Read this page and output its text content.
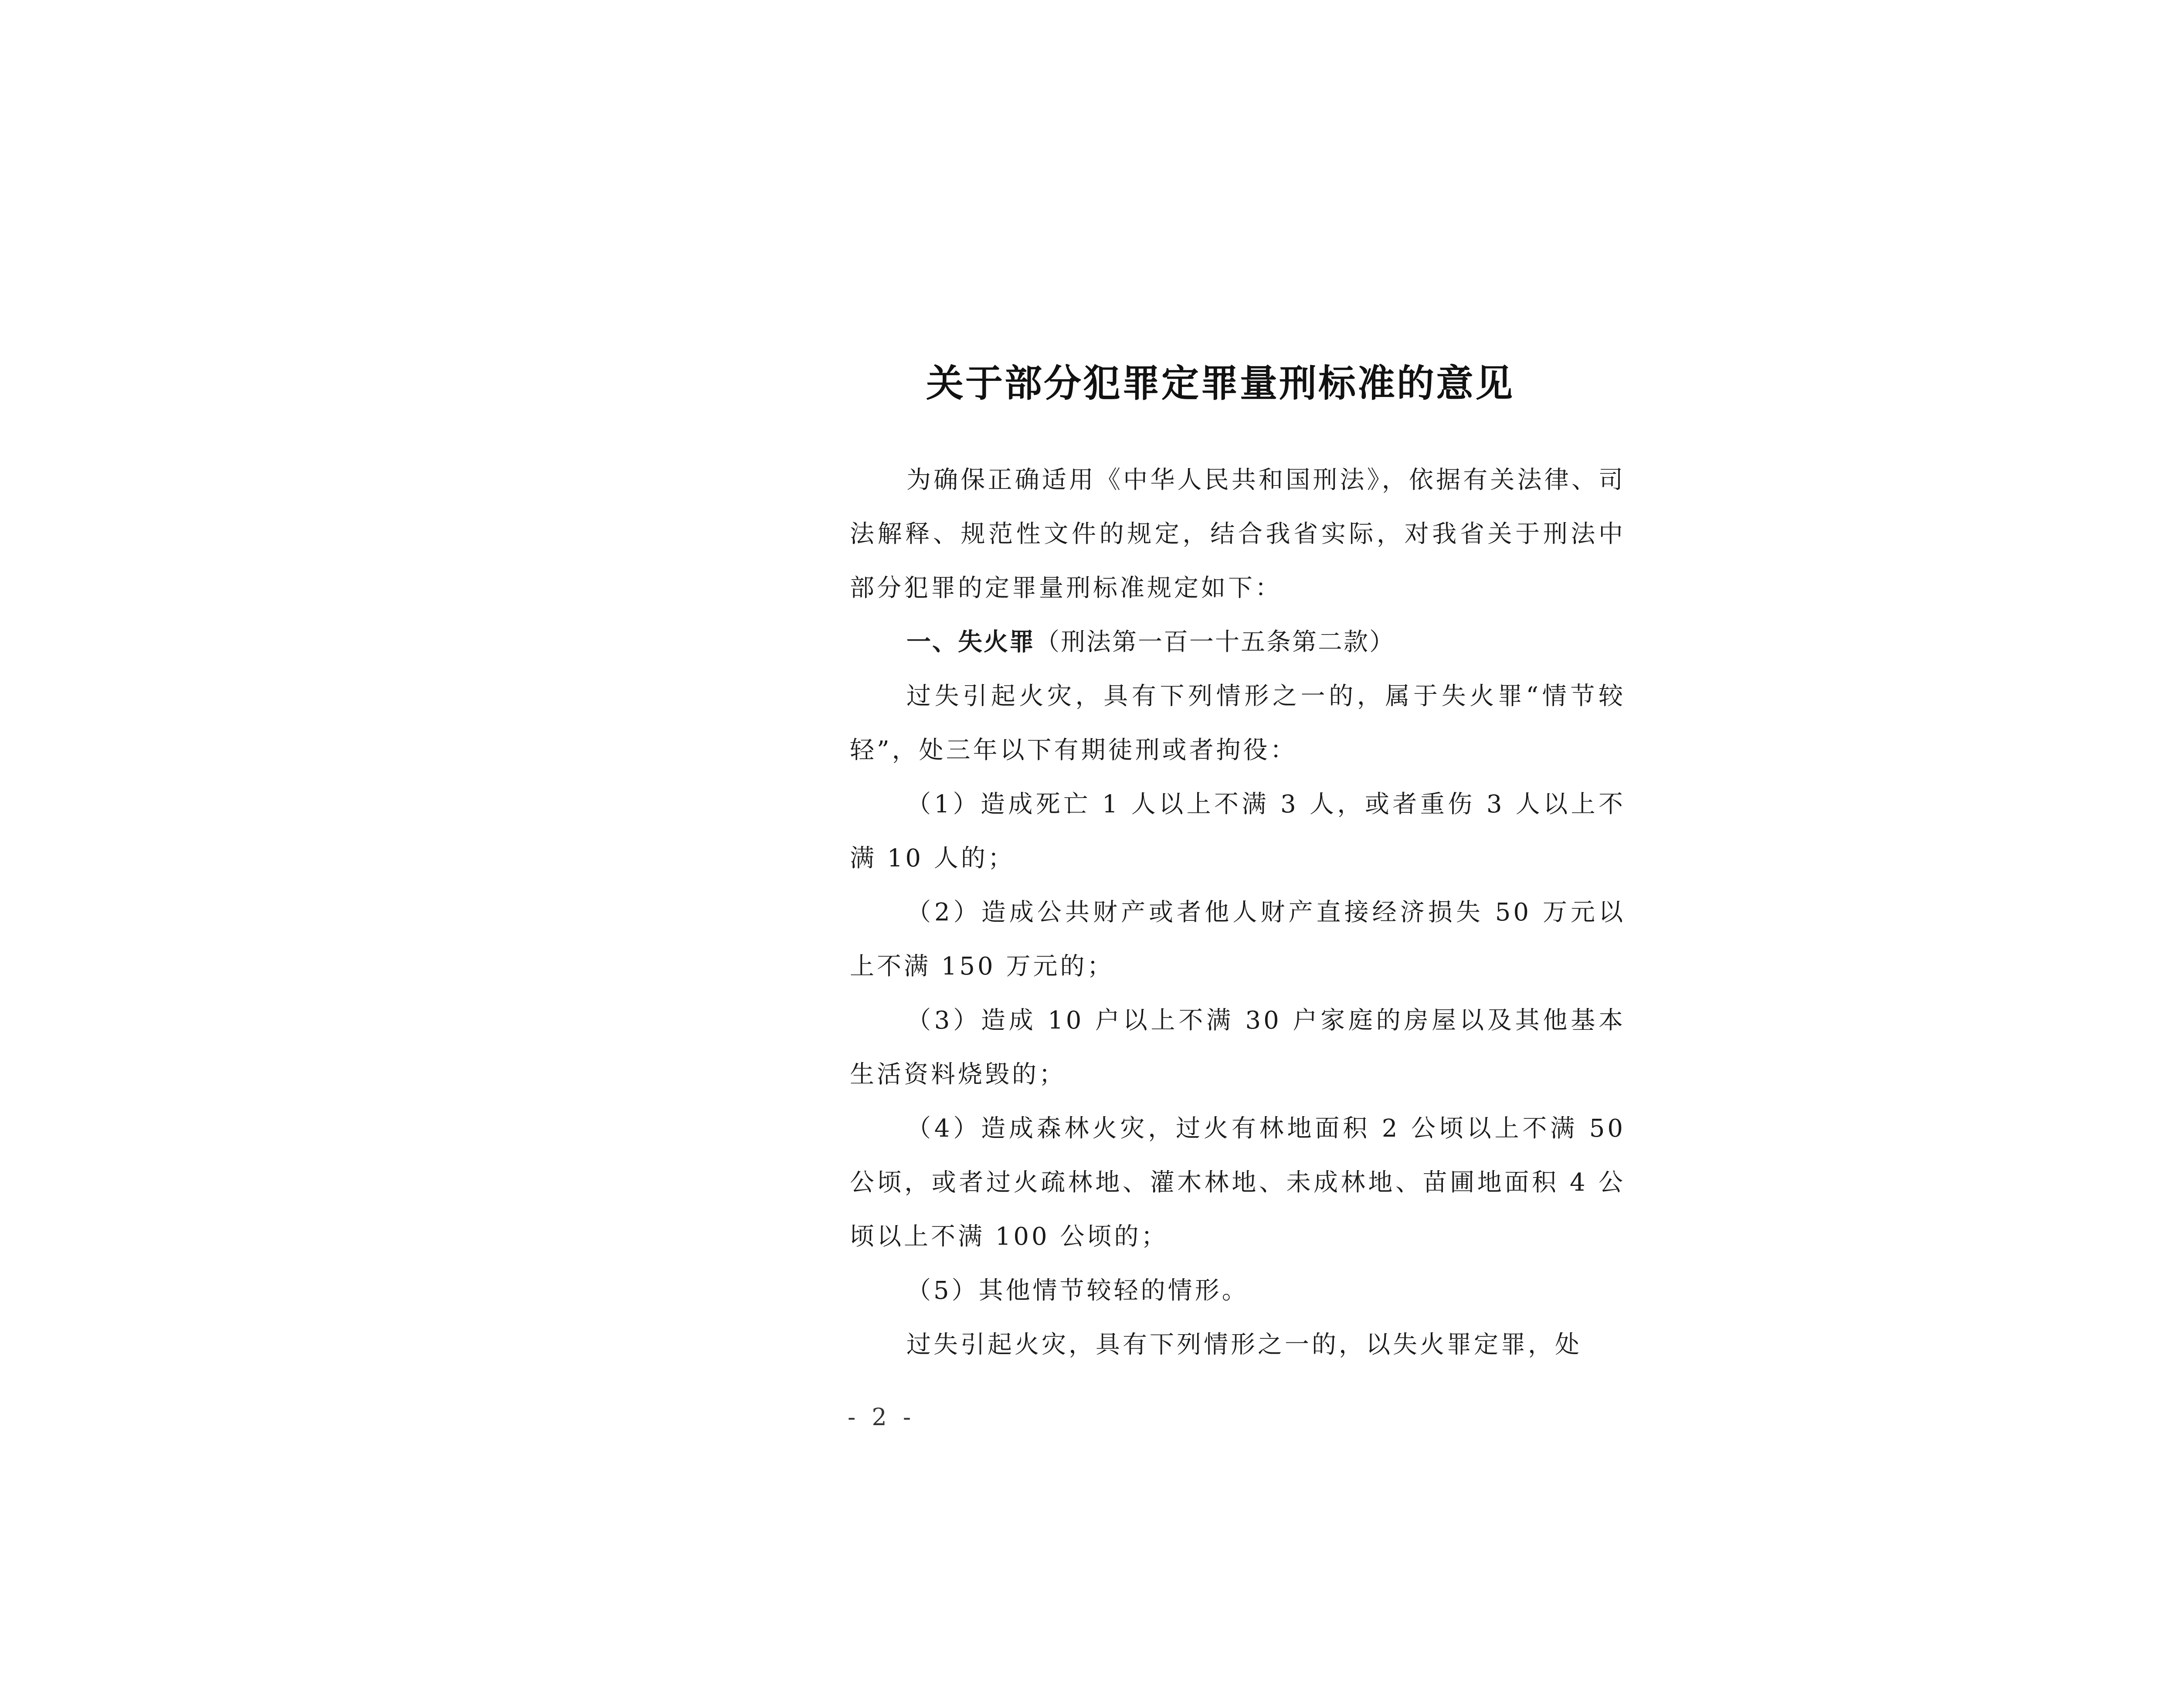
关于部分犯罪定罪量刑标准的意见

为确保正确适用《中华人民共和国刑法》，依据有关法律、司法解释、规范性文件的规定，结合我省实际，对我省关于刑法中部分犯罪的定罪量刑标准规定如下：

一、失火罪（刑法第一百一十五条第二款）

过失引起火灾，具有下列情形之一的，属于失火罪“情节较轻”，处三年以下有期徒刑或者拘役：

（1）造成死亡 1 人以上不满 3 人，或者重伤 3 人以上不满 10 人的；

（2）造成公共财产或者他人财产直接经济损失 50 万元以上不满 150 万元的；

（3）造成 10 户以上不满 30 户家庭的房屋以及其他基本生活资料烧毁的；

（4）造成森林火灾，过火有林地面积 2 公顷以上不满 50 公顷，或者过火疏林地、灌木林地、未成林地、苗圃地面积 4 公顷以上不满 100 公顷的；

（5）其他情节较轻的情形。

过失引起火灾，具有下列情形之一的，以失火罪定罪，处

- 2 -
